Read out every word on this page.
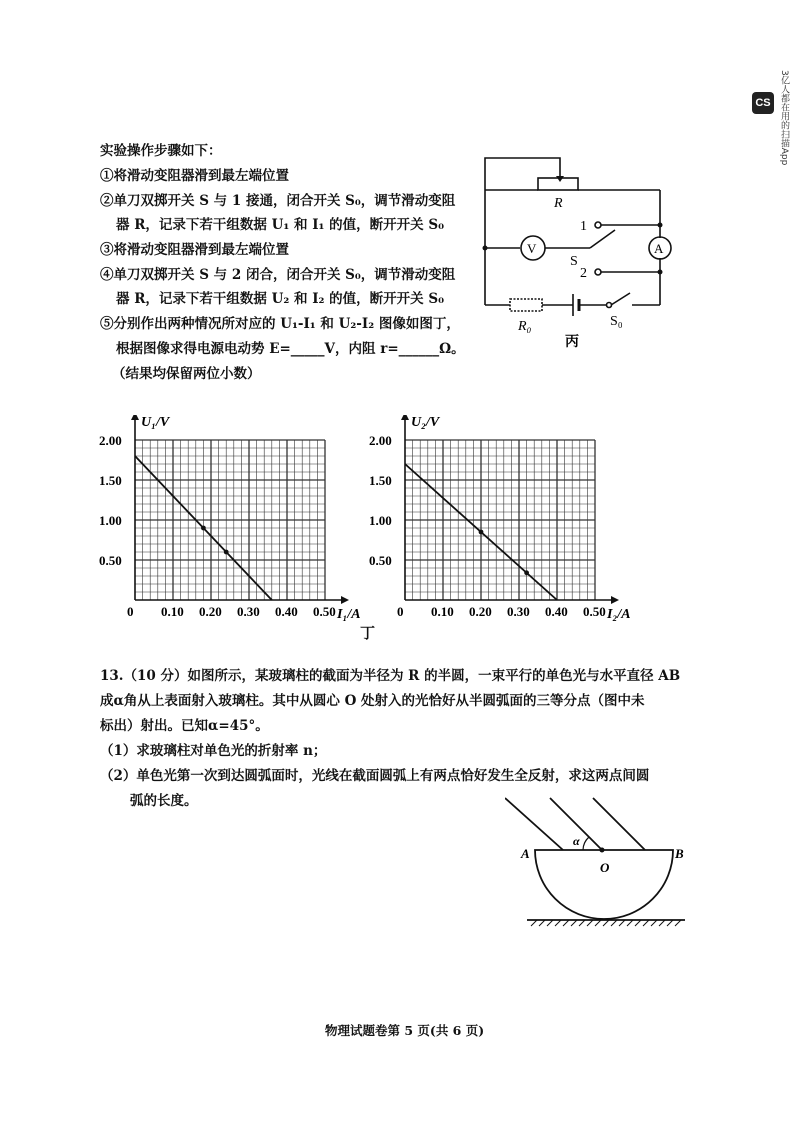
CS 3亿人都在用的扫描App
实验操作步骤如下：
①将滑动变阻器滑到最左端位置
②单刀双掷开关 S 与 1 接通，闭合开关 S₀，调节滑动变阻
器 R，记录下若干组数据 U₁ 和 I₁ 的值，断开开关 S₀
③将滑动变阻器滑到最左端位置
④单刀双掷开关 S 与 2 闭合，闭合开关 S₀，调节滑动变阻
器 R，记录下若干组数据 U₂ 和 I₂ 的值，断开开关 S₀
⑤分别作出两种情况所对应的 U₁-I₁ 和 U₂-I₂ 图像如图丁，
根据图像求得电源电动势 E=_____V，内阻 r=______Ω。
（结果均保留两位小数）
R
V	A
1
2
S
R₀	S₀
丙
0 0.10 0.20 0.30 0.40 0.50
0.50
1.00
1.50
2.00
I₁/A
U₁/V
0 0.10 0.20 0.30 0.40 0.50
0.50
1.00
1.50
2.00
I₂/A
U₂/V
丁
13.（10 分）如图所示，某玻璃柱的截面为半径为 R 的半圆，一束平行的单色光与水平直径 AB
成α角从上表面射入玻璃柱。其中从圆心 O 处射入的光恰好从半圆弧面的三等分点（图中未
标出）射出。已知α=45°。
（1）求玻璃柱对单色光的折射率 n；
（2）单色光第一次到达圆弧面时，光线在截面圆弧上有两点恰好发生全反射，求这两点间圆
弧的长度。
A	B
O
α
物理试题卷第 5 页(共 6 页)
